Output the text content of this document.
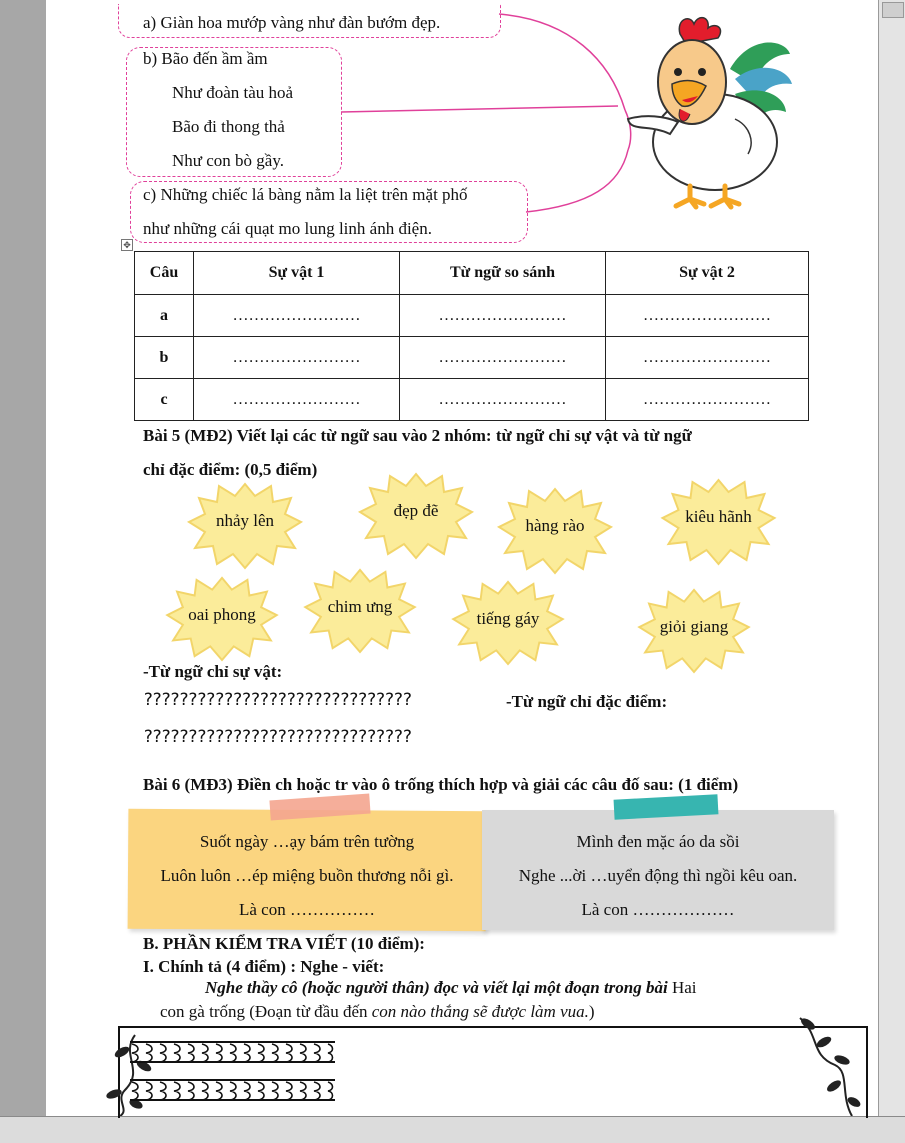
a) Giàn hoa mướp vàng như đàn bướm đẹp.
b) Bão đến ầm ầm
Như đoàn tàu hoả
Bão đi thong thả
Như con bò gầy.
c) Những chiếc lá bàng nằm la liệt trên mặt phố
như những cái quạt mo lung linh ánh điện.
✥
Câu	Sự vật 1	Từ ngữ so sánh	Sự vật 2
a	……………………	……………………	……………………
b	……………………	……………………	……………………
c	……………………	……………………	……………………
Bài 5 (MĐ2) Viết lại các từ ngữ sau vào 2 nhóm: từ ngữ chỉ sự vật và từ ngữ
chỉ đặc điểm: (0,5 điểm)
nhảy lên
đẹp đẽ
hàng rào	kiêu hãnh
oai phong	chim ưng
tiếng gáy	giỏi giang
-Từ ngữ chỉ sự vật:
??????????????????????????????	-Từ ngữ chỉ đặc điểm:
??????????????????????????????
Bài 6 (MĐ3) Điền ch hoặc tr vào ô trống thích hợp và giải các câu đố sau: (1 điểm)
Suốt ngày …ạy bám trên tường
Luôn luôn …ép miệng buồn thương nỗi gì.
Là con ……………
Mình đen mặc áo da sồi
Nghe ...ời …uyển động thì ngồi kêu oan.
Là con ………………
B. PHẦN KIỂM TRA VIẾT (10 điểm):
I. Chính tả (4 điểm) : Nghe - viết:
Nghe thầy cô (hoặc người thân) đọc và viết lại một đoạn trong bài Hai
con gà trống (Đoạn từ đầu đến con nào thắng sẽ được làm vua.)
